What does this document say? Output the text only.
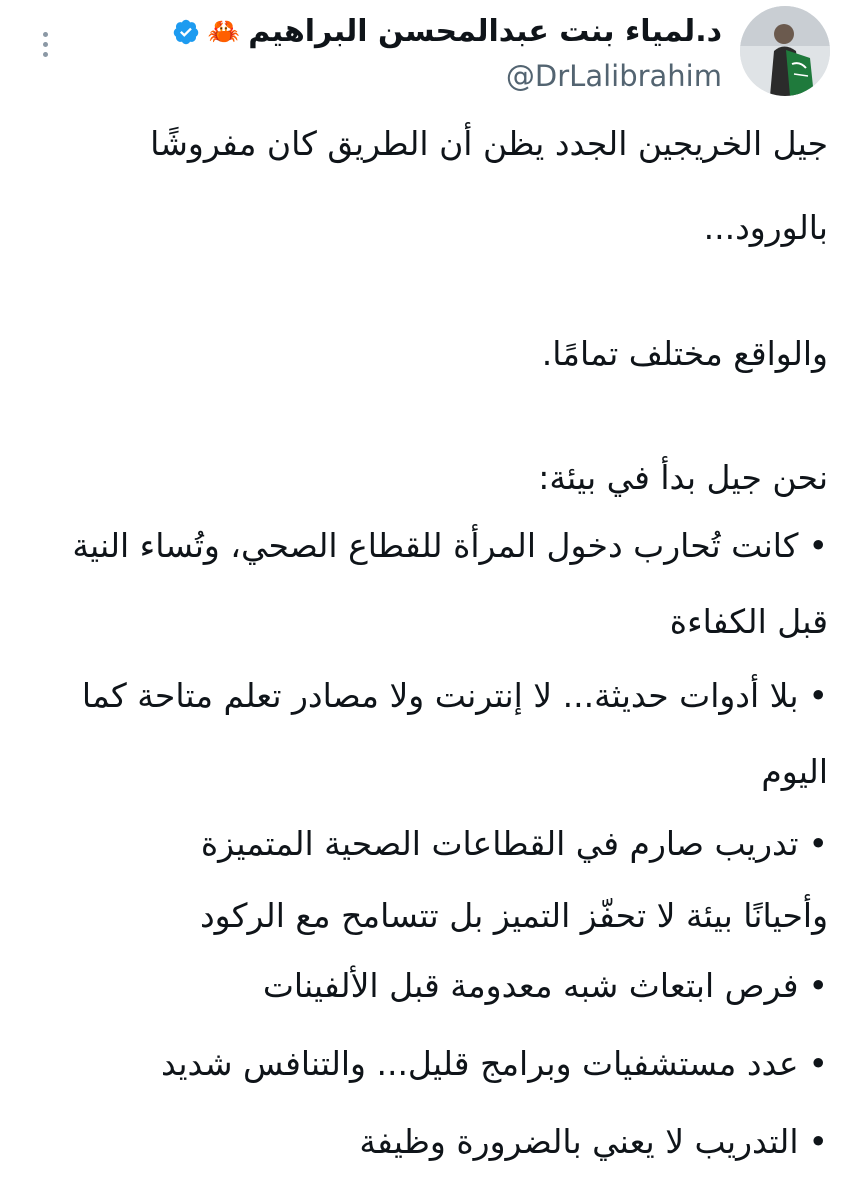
د.لمياء بنت عبدالمحسن البراهيم
🦀
@DrLalibrahim
جيل الخريجين الجدد يظن أن الطريق كان مفروشًا
بالورود...
والواقع مختلف تمامًا.
نحن جيل بدأ في بيئة:
•كانت تُحارب دخول المرأة للقطاع الصحي، وتُساء النية
قبل الكفاءة
•بلا أدوات حديثة... لا إنترنت ولا مصادر تعلم متاحة كما
اليوم
•تدريب صارم في القطاعات الصحية المتميزة
وأحيانًا بيئة لا تحفّز التميز بل تتسامح مع الركود
•فرص ابتعاث شبه معدومة قبل الألفينات
•عدد مستشفيات وبرامج قليل... والتنافس شديد
•التدريب لا يعني بالضرورة وظيفة
